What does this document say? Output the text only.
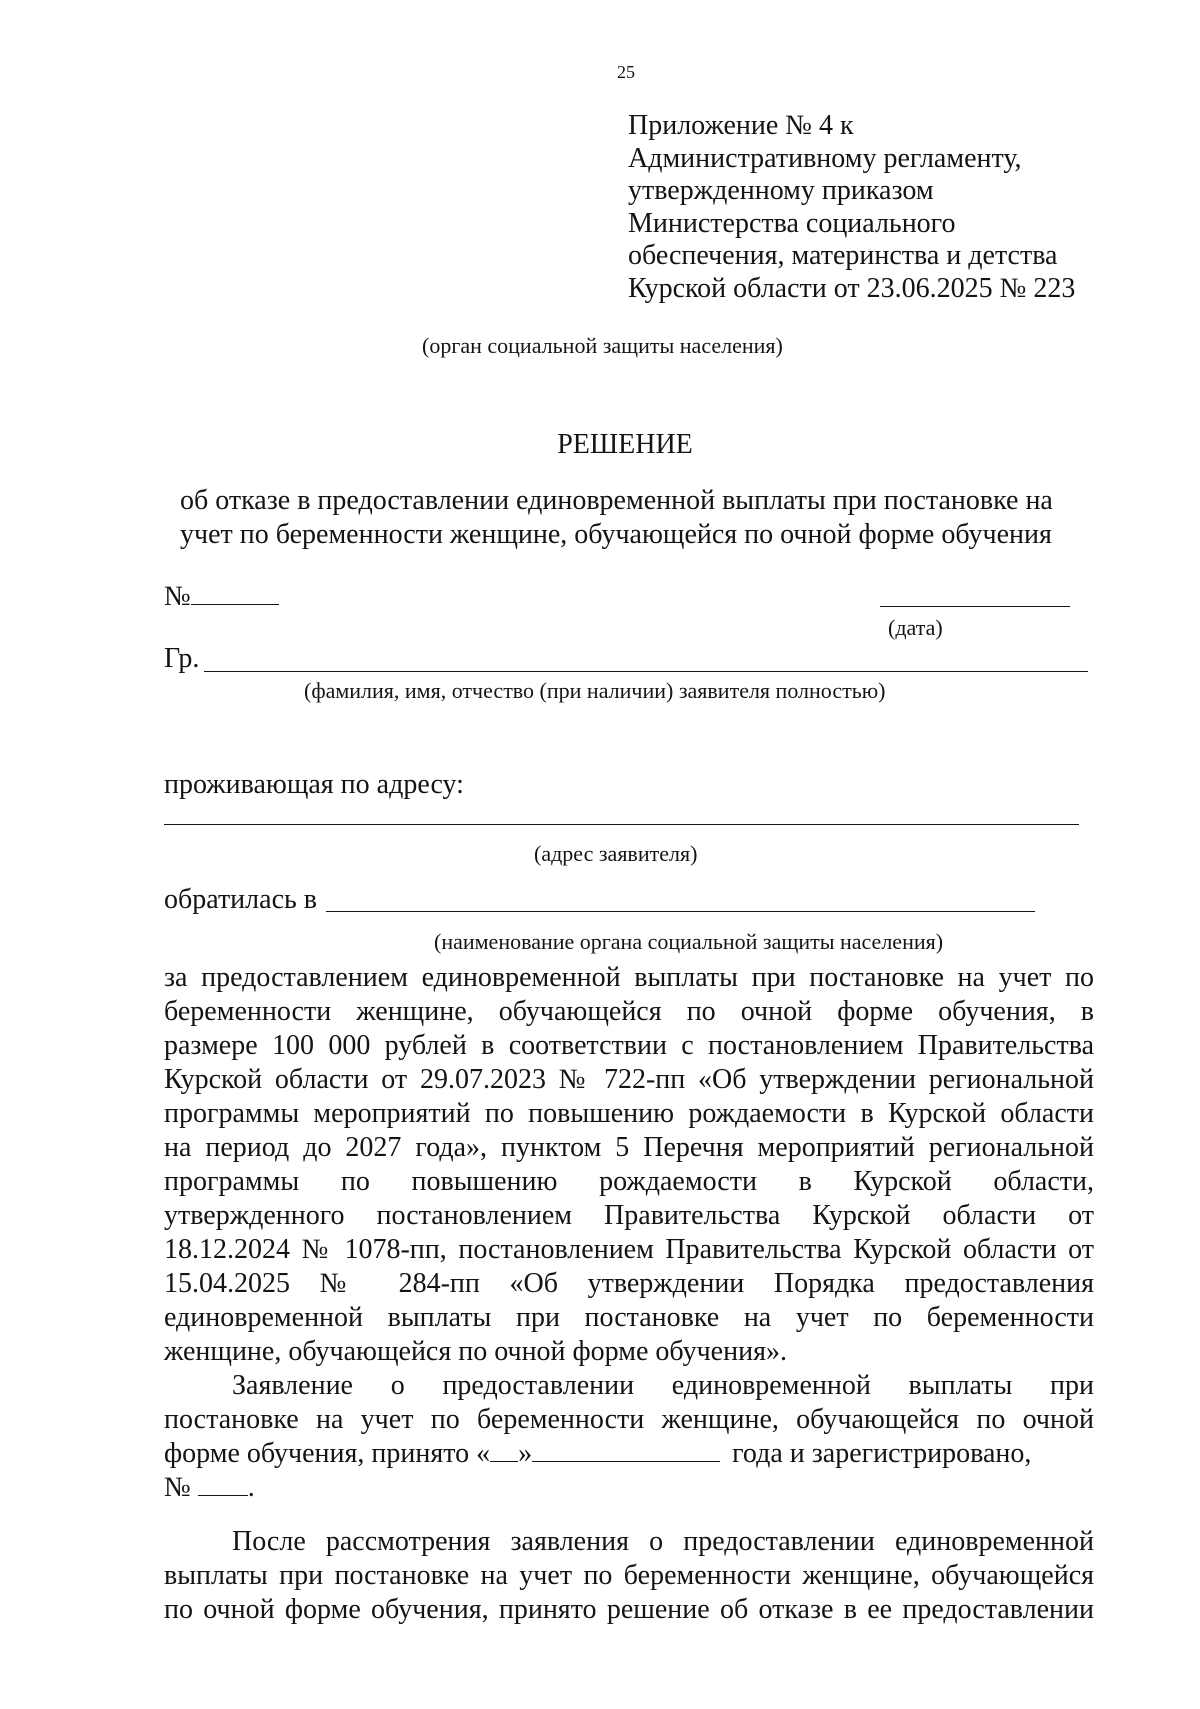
25
Приложение № 4 к
Административному регламенту,
утвержденному приказом
Министерства социального
обеспечения, материнства и детства
Курской области от 23.06.2025 № 223
(орган социальной защиты населения)
РЕШЕНИЕ
об отказе в предоставлении единовременной выплаты при постановке на
учет по беременности женщине, обучающейся по очной форме обучения
№
(дата)
Гр.
(фамилия, имя, отчество (при наличии) заявителя полностью)
проживающая по адресу:
(адрес заявителя)
обратилась в
(наименование органа социальной защиты населения)
за предоставлением единовременной выплаты при постановке на учет по
беременности женщине, обучающейся по очной форме обучения, в
размере 100 000 рублей в соответствии с постановлением Правительства
Курской области от 29.07.2023 № 722-пп «Об утверждении региональной
программы мероприятий по повышению рождаемости в Курской области
на период до 2027 года», пунктом 5 Перечня мероприятий региональной
программы по повышению рождаемости в Курской области,
утвержденного постановлением Правительства Курской области от
18.12.2024 № 1078-пп, постановлением Правительства Курской области от
15.04.2025 № 284-пп «Об утверждении Порядка предоставления
единовременной выплаты при постановке на учет по беременности
женщине, обучающейся по очной форме обучения».
Заявление о предоставлении единовременной выплаты при
постановке на учет по беременности женщине, обучающейся по очной
форме обучения, принято « »	года и зарегистрировано,
№ .
После рассмотрения заявления о предоставлении единовременной
выплаты при постановке на учет по беременности женщине, обучающейся
по очной форме обучения, принято решение об отказе в ее предоставлении
